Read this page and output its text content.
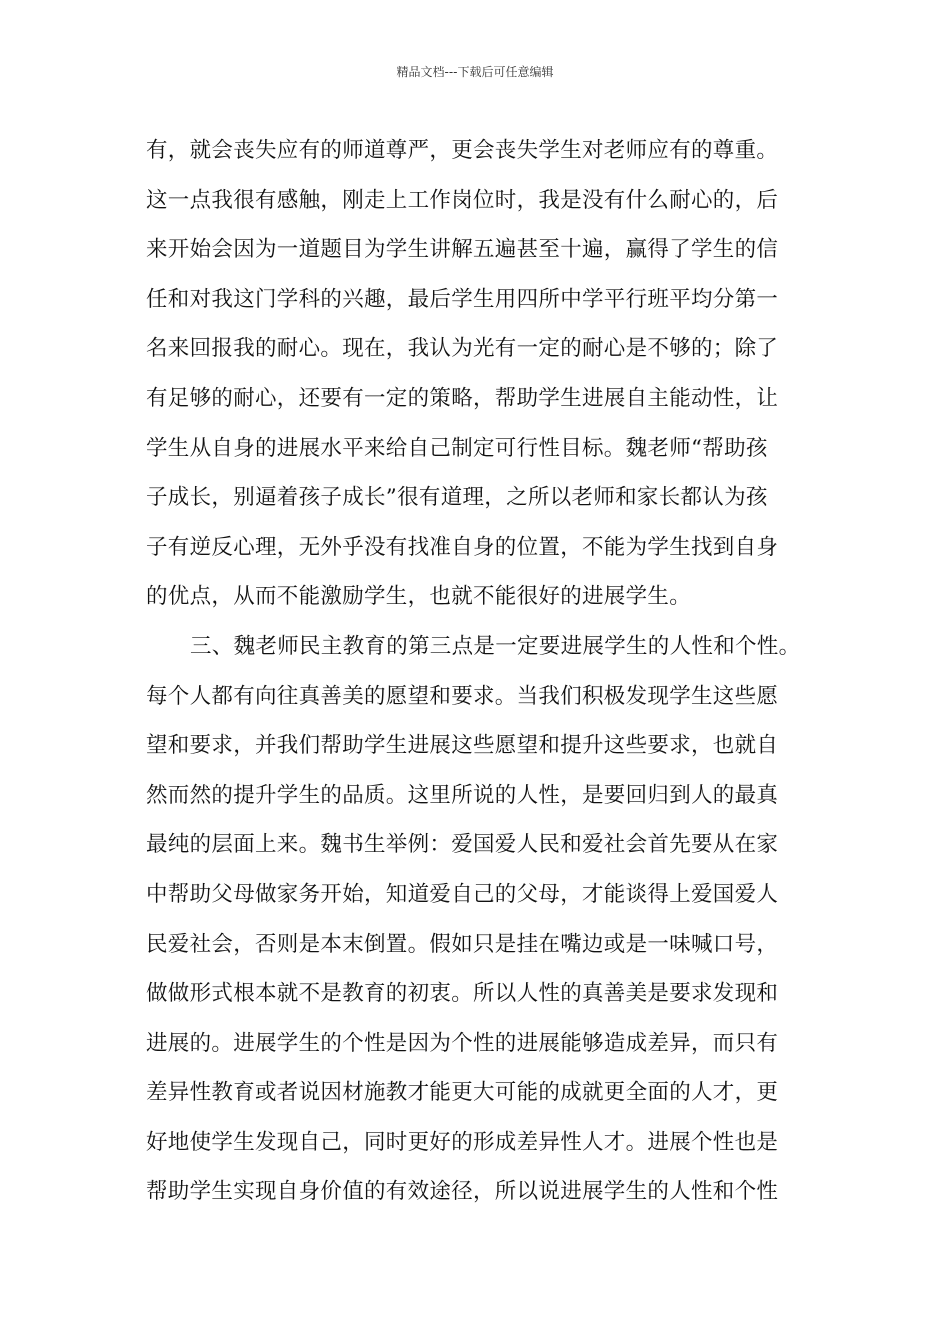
精品文档---下载后可任意编辑
有，就会丧失应有的师道尊严，更会丧失学生对老师应有的尊重。
这一点我很有感触，刚走上工作岗位时，我是没有什么耐心的，后
来开始会因为一道题目为学生讲解五遍甚至十遍，赢得了学生的信
任和对我这门学科的兴趣，最后学生用四所中学平行班平均分第一
名来回报我的耐心。现在，我认为光有一定的耐心是不够的；除了
有足够的耐心，还要有一定的策略，帮助学生进展自主能动性，让
学生从自身的进展水平来给自己制定可行性目标。魏老师“帮助孩
子成长，别逼着孩子成长”很有道理，之所以老师和家长都认为孩
子有逆反心理，无外乎没有找准自身的位置，不能为学生找到自身
的优点，从而不能激励学生，也就不能很好的进展学生。
三、魏老师民主教育的第三点是一定要进展学生的人性和个性。
每个人都有向往真善美的愿望和要求。当我们积极发现学生这些愿
望和要求，并我们帮助学生进展这些愿望和提升这些要求，也就自
然而然的提升学生的品质。这里所说的人性，是要回归到人的最真
最纯的层面上来。魏书生举例：爱国爱人民和爱社会首先要从在家
中帮助父母做家务开始，知道爱自己的父母，才能谈得上爱国爱人
民爱社会，否则是本末倒置。假如只是挂在嘴边或是一味喊口号，
做做形式根本就不是教育的初衷。所以人性的真善美是要求发现和
进展的。进展学生的个性是因为个性的进展能够造成差异，而只有
差异性教育或者说因材施教才能更大可能的成就更全面的人才，更
好地使学生发现自己，同时更好的形成差异性人才。进展个性也是
帮助学生实现自身价值的有效途径，所以说进展学生的人性和个性
